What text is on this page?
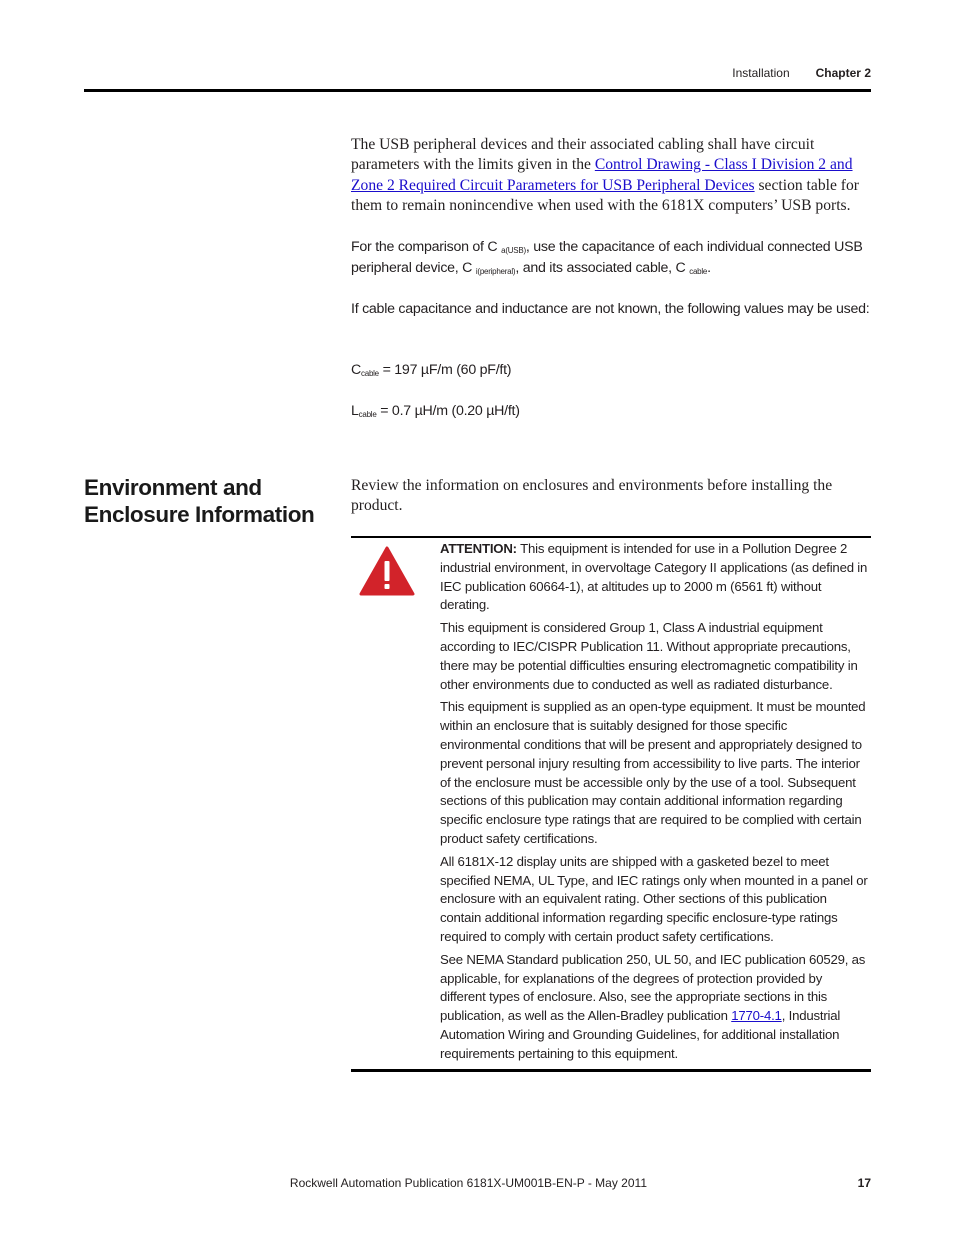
Installation Chapter 2

The USB peripheral devices and their associated cabling shall have circuit parameters with the limits given in the Control Drawing - Class I Division 2 and Zone 2 Required Circuit Parameters for USB Peripheral Devices section table for them to remain nonincendive when used with the 6181X computers’ USB ports.

For the comparison of C $_{a(USB)}$, use the capacitance of each individual connected USB peripheral device, C $_{i(peripheral)}$, and its associated cable, C $_{cable}$.

If cable capacitance and inductance are not known, the following values may be used:

$C_{cable} = 197$ µF/m (60 pF/ft)

$L_{cable} = 0.7$ µH/m (0.20 µH/ft)

Environment and Enclosure Information

Review the information on enclosures and environments before installing the product.

ATTENTION: This equipment is intended for use in a Pollution Degree 2 industrial environment, in overvoltage Category II applications (as defined in IEC publication 60664-1), at altitudes up to 2000 m (6561 ft) without derating.

This equipment is considered Group 1, Class A industrial equipment according to IEC/CISPR Publication 11. Without appropriate precautions, there may be potential difficulties ensuring electromagnetic compatibility in other environments due to conducted as well as radiated disturbance.

This equipment is supplied as an open-type equipment. It must be mounted within an enclosure that is suitably designed for those specific environmental conditions that will be present and appropriately designed to prevent personal injury resulting from accessibility to live parts. The interior of the enclosure must be accessible only by the use of a tool. Subsequent sections of this publication may contain additional information regarding specific enclosure type ratings that are required to be complied with certain product safety certifications.

All 6181X-12 display units are shipped with a gasketed bezel to meet specified NEMA, UL Type, and IEC ratings only when mounted in a panel or enclosure with an equivalent rating. Other sections of this publication contain additional information regarding specific enclosure-type ratings required to comply with certain product safety certifications.

See NEMA Standard publication 250, UL 50, and IEC publication 60529, as applicable, for explanations of the degrees of protection provided by different types of enclosure. Also, see the appropriate sections in this publication, as well as the Allen-Bradley publication 1770-4.1, Industrial Automation Wiring and Grounding Guidelines, for additional installation requirements pertaining to this equipment.

Rockwell Automation Publication 6181X-UM001B-EN-P - May 2011	17
